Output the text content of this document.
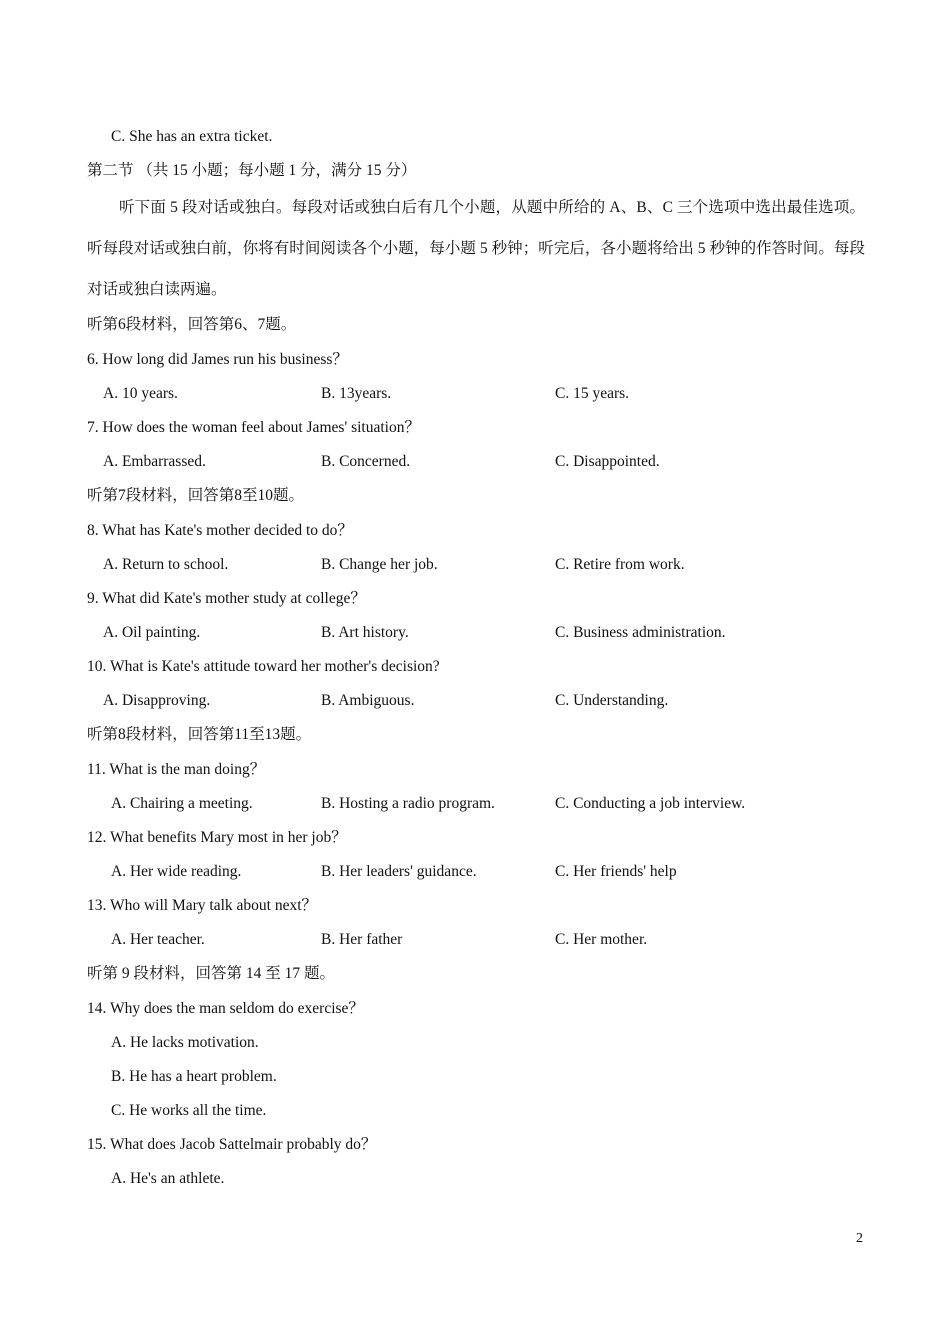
C. She has an extra ticket.
第二节 （共 15 小题；每小题 1 分，满分 15 分）
听下面 5 段对话或独白。每段对话或独白后有几个小题，从题中所给的 A、B、C 三个选项中选出最佳选项。听每段对话或独白前，你将有时间阅读各个小题，每小题 5 秒钟；听完后，各小题将给出 5 秒钟的作答时间。每段对话或独白读两遍。
听第6段材料，回答第6、7题。
6. How long did James run his business？
A. 10 years.	B. 13years.	C. 15 years.
7. How does the woman feel about James' situation？
A. Embarrassed.	B. Concerned.	C. Disappointed.
听第7段材料，回答第8至10题。
8. What has Kate's mother decided to do？
A. Return to school.	B. Change her job.	C. Retire from work.
9. What did Kate's mother study at college？
A. Oil painting.	B. Art history.	C. Business administration.
10. What is Kate's attitude toward her mother's decision?
A. Disapproving.	B. Ambiguous.	C. Understanding.
听第8段材料，回答第11至13题。
11. What is the man doing？
A. Chairing a meeting.	B. Hosting a radio program.	C. Conducting a job interview.
12. What benefits Mary most in her job？
A. Her wide reading.	B. Her leaders' guidance.	C. Her friends' help
13. Who will Mary talk about next？
A. Her teacher.	B. Her father	C. Her mother.
听第 9 段材料，回答第 14 至 17 题。
14. Why does the man seldom do exercise？
A. He lacks motivation.
B. He has a heart problem.
C. He works all the time.
15. What does Jacob Sattelmair probably do？
A. He's an athlete.
2
